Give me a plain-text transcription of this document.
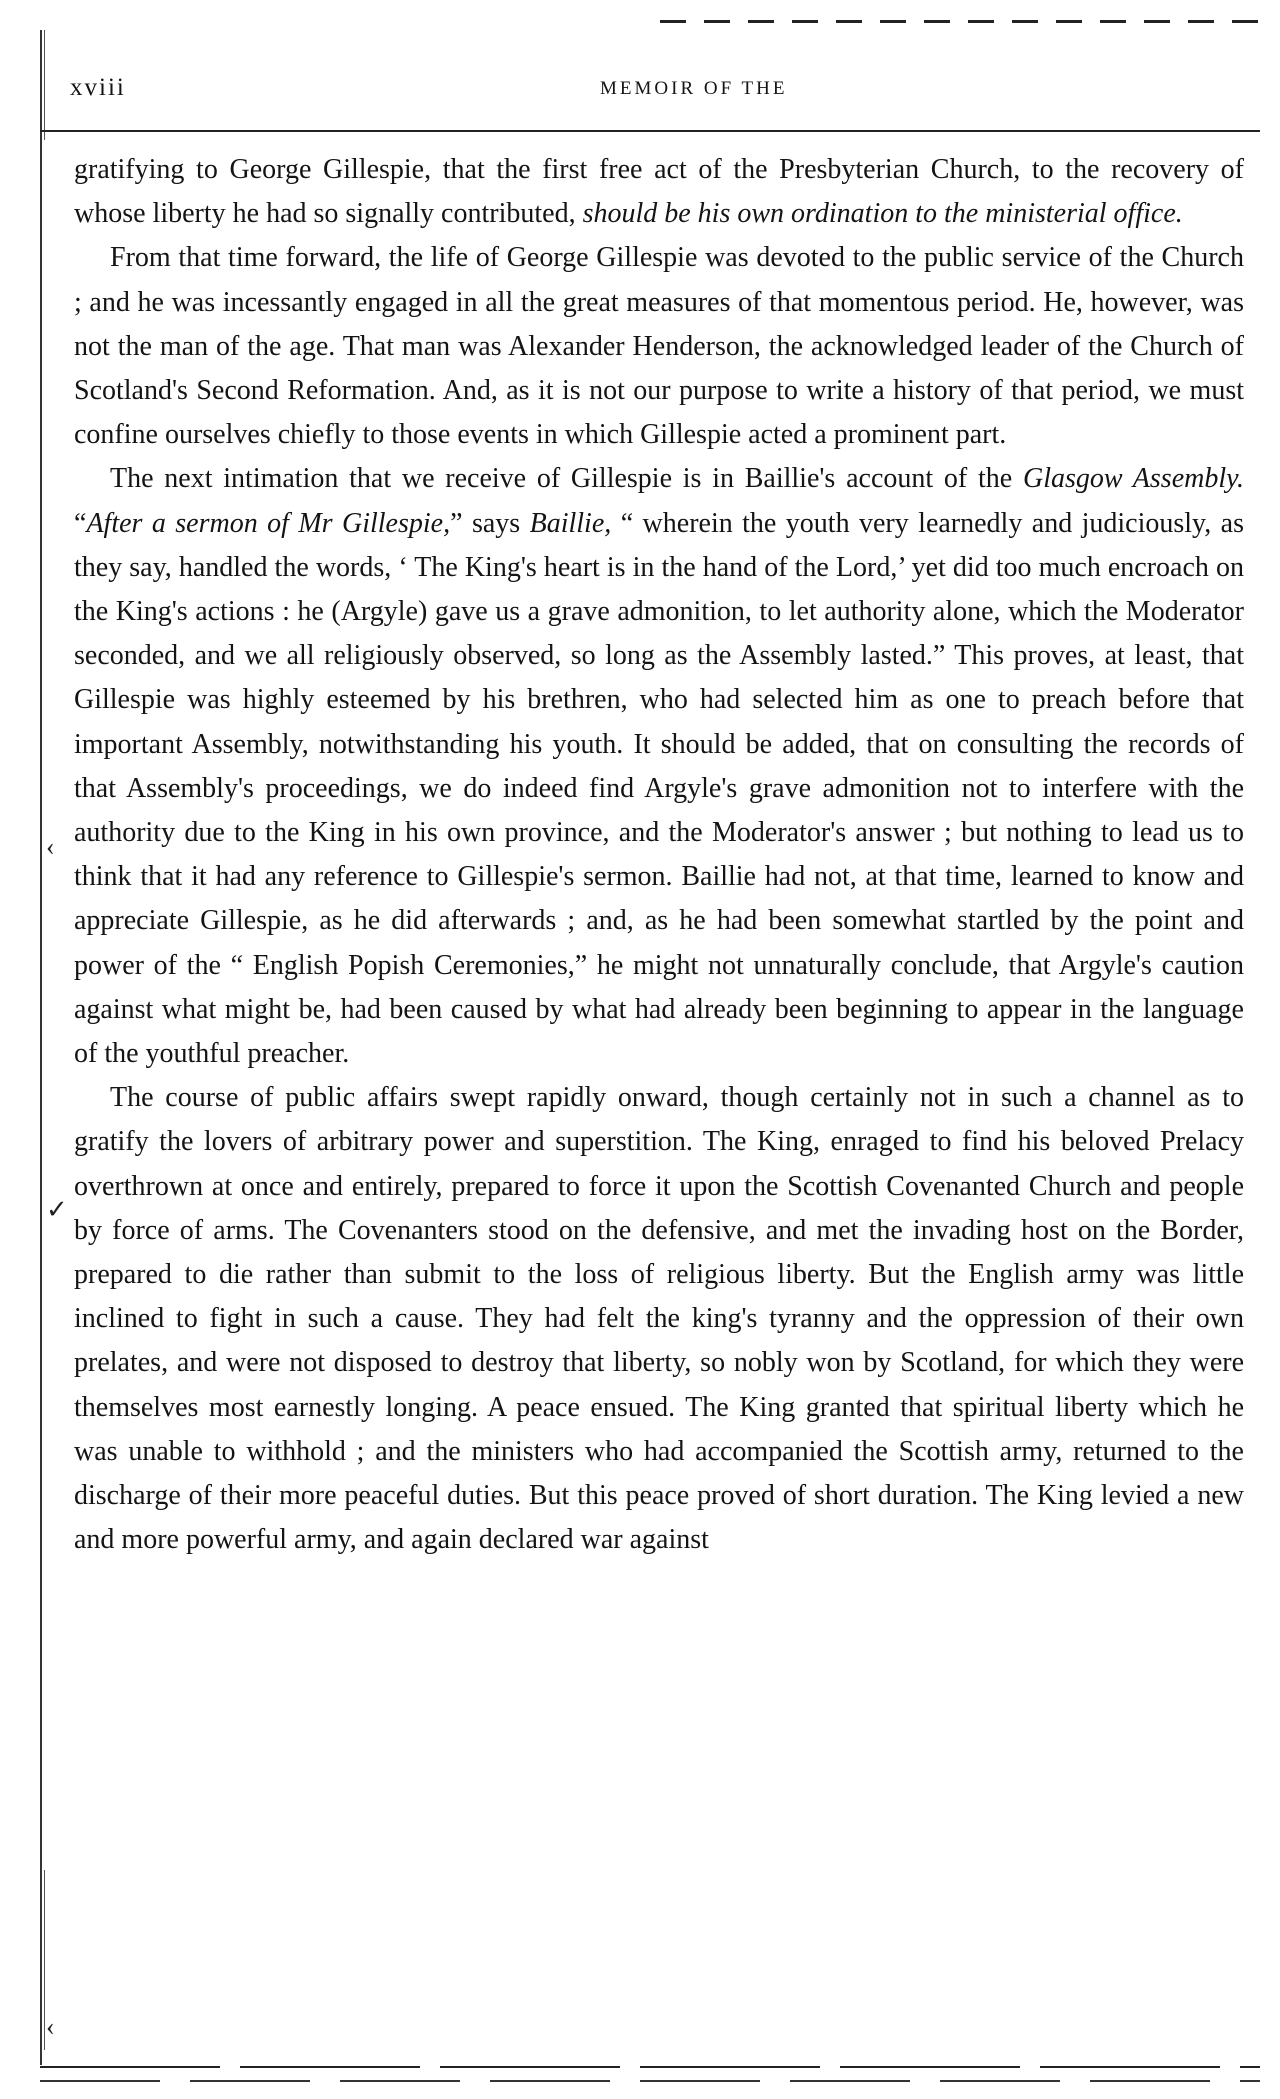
xviii	MEMOIR OF THE

gratifying to George Gillespie, that the first free act of the Presbyterian Church, to the recovery of whose liberty he had so signally contributed, should be his own ordination to the ministerial office.

From that time forward, the life of George Gillespie was devoted to the public service of the Church ; and he was incessantly engaged in all the great measures of that momentous period. He, however, was not the man of the age. That man was Alexander Henderson, the acknowledged leader of the Church of Scotland's Second Reformation. And, as it is not our purpose to write a history of that period, we must confine ourselves chiefly to those events in which Gillespie acted a prominent part.

The next intimation that we receive of Gillespie is in Baillie's account of the Glasgow Assembly. “After a sermon of Mr Gillespie,” says Baillie, “ wherein the youth very learnedly and judiciously, as they say, handled the words, ‘ The King's heart is in the hand of the Lord,’ yet did too much encroach on the King's actions : he (Argyle) gave us a grave admonition, to let authority alone, which the Moderator seconded, and we all religiously observed, so long as the Assembly lasted.” This proves, at least, that Gillespie was highly esteemed by his brethren, who had selected him as one to preach before that important Assembly, notwithstanding his youth. It should be added, that on consulting the records of that Assembly's proceedings, we do indeed find Argyle's grave admonition not to interfere with the authority due to the King in his own province, and the Moderator's answer ; but nothing to lead us to think that it had any reference to Gillespie's sermon. Baillie had not, at that time, learned to know and appreciate Gillespie, as he did afterwards ; and, as he had been somewhat startled by the point and power of the “ English Popish Ceremonies,” he might not unnaturally conclude, that Argyle's caution against what might be, had been caused by what had already been beginning to appear in the language of the youthful preacher.

The course of public affairs swept rapidly onward, though certainly not in such a channel as to gratify the lovers of arbitrary power and superstition. The King, enraged to find his beloved Prelacy overthrown at once and entirely, prepared to force it upon the Scottish Covenanted Church and people by force of arms. The Covenanters stood on the defensive, and met the invading host on the Border, prepared to die rather than submit to the loss of religious liberty. But the English army was little inclined to fight in such a cause. They had felt the king's tyranny and the oppression of their own prelates, and were not disposed to destroy that liberty, so nobly won by Scotland, for which they were themselves most earnestly longing. A peace ensued. The King granted that spiritual liberty which he was unable to withhold ; and the ministers who had accompanied the Scottish army, returned to the discharge of their more peaceful duties. But this peace proved of short duration. The King levied a new and more powerful army, and again declared war against

‹
✓
‹
